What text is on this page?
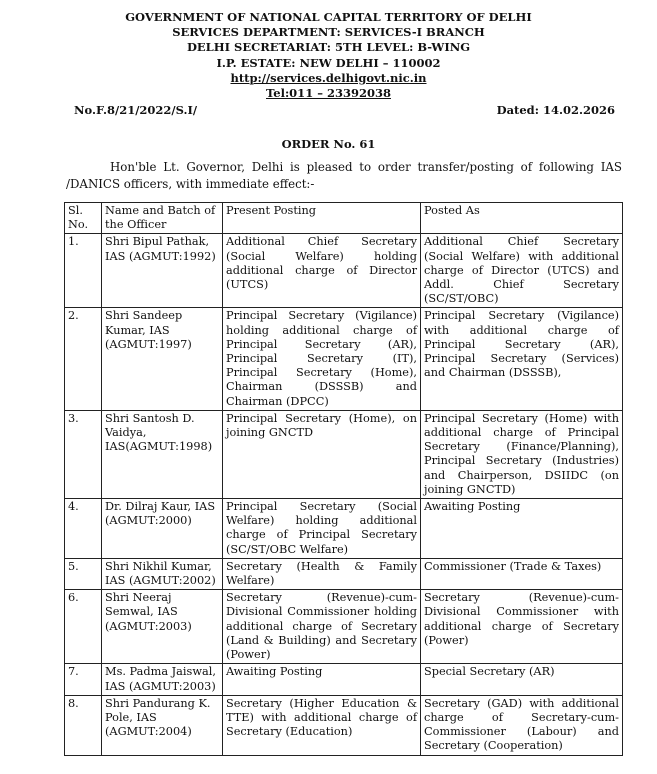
GOVERNMENT OF NATIONAL CAPITAL TERRITORY OF DELHI
SERVICES DEPARTMENT: SERVICES-I BRANCH
DELHI SECRETARIAT: 5TH LEVEL: B-WING
I.P. ESTATE: NEW DELHI – 110002
http://services.delhigovt.nic.in
Tel:011 – 23392038
No.F.8/21/2022/S.I/	Dated: 14.02.2026
ORDER No. 61
Hon'ble Lt. Governor, Delhi is pleased to order transfer/posting of following IAS /DANICS officers, with immediate effect:-
Sl. No.	Name and Batch of the Officer	Present Posting	Posted As
1.	Shri Bipul Pathak, IAS (AGMUT:1992)	Additional Chief Secretary (Social Welfare) holding additional charge of Director (UTCS)	Additional Chief Secretary (Social Welfare) with additional charge of Director (UTCS) and Addl. Chief Secretary (SC/ST/OBC)
2.	Shri Sandeep Kumar, IAS (AGMUT:1997)	Principal Secretary (Vigilance) holding additional charge of Principal Secretary (AR), Principal Secretary (IT), Principal Secretary (Home), Chairman (DSSSB) and Chairman (DPCC)	Principal Secretary (Vigilance) with additional charge of Principal Secretary (AR), Principal Secretary (Services) and Chairman (DSSSB),
3.	Shri Santosh D. Vaidya, IAS(AGMUT:1998)	Principal Secretary (Home), on joining GNCTD	Principal Secretary (Home) with additional charge of Principal Secretary (Finance/Planning), Principal Secretary (Industries) and Chairperson, DSIIDC (on joining GNCTD)
4.	Dr. Dilraj Kaur, IAS (AGMUT:2000)	Principal Secretary (Social Welfare) holding additional charge of Principal Secretary (SC/ST/OBC Welfare)	Awaiting Posting
5.	Shri Nikhil Kumar, IAS (AGMUT:2002)	Secretary (Health & Family Welfare)	Commissioner (Trade & Taxes)
6.	Shri Neeraj Semwal, IAS (AGMUT:2003)	Secretary (Revenue)-cum-Divisional Commissioner holding additional charge of Secretary (Land & Building) and Secretary (Power)	Secretary (Revenue)-cum-Divisional Commissioner with additional charge of Secretary (Power)
7.	Ms. Padma Jaiswal, IAS (AGMUT:2003)	Awaiting Posting	Special Secretary (AR)
8.	Shri Pandurang K. Pole, IAS (AGMUT:2004)	Secretary (Higher Education & TTE) with additional charge of Secretary (Education)	Secretary (GAD) with additional charge of Secretary-cum-Commissioner (Labour) and Secretary (Cooperation)
